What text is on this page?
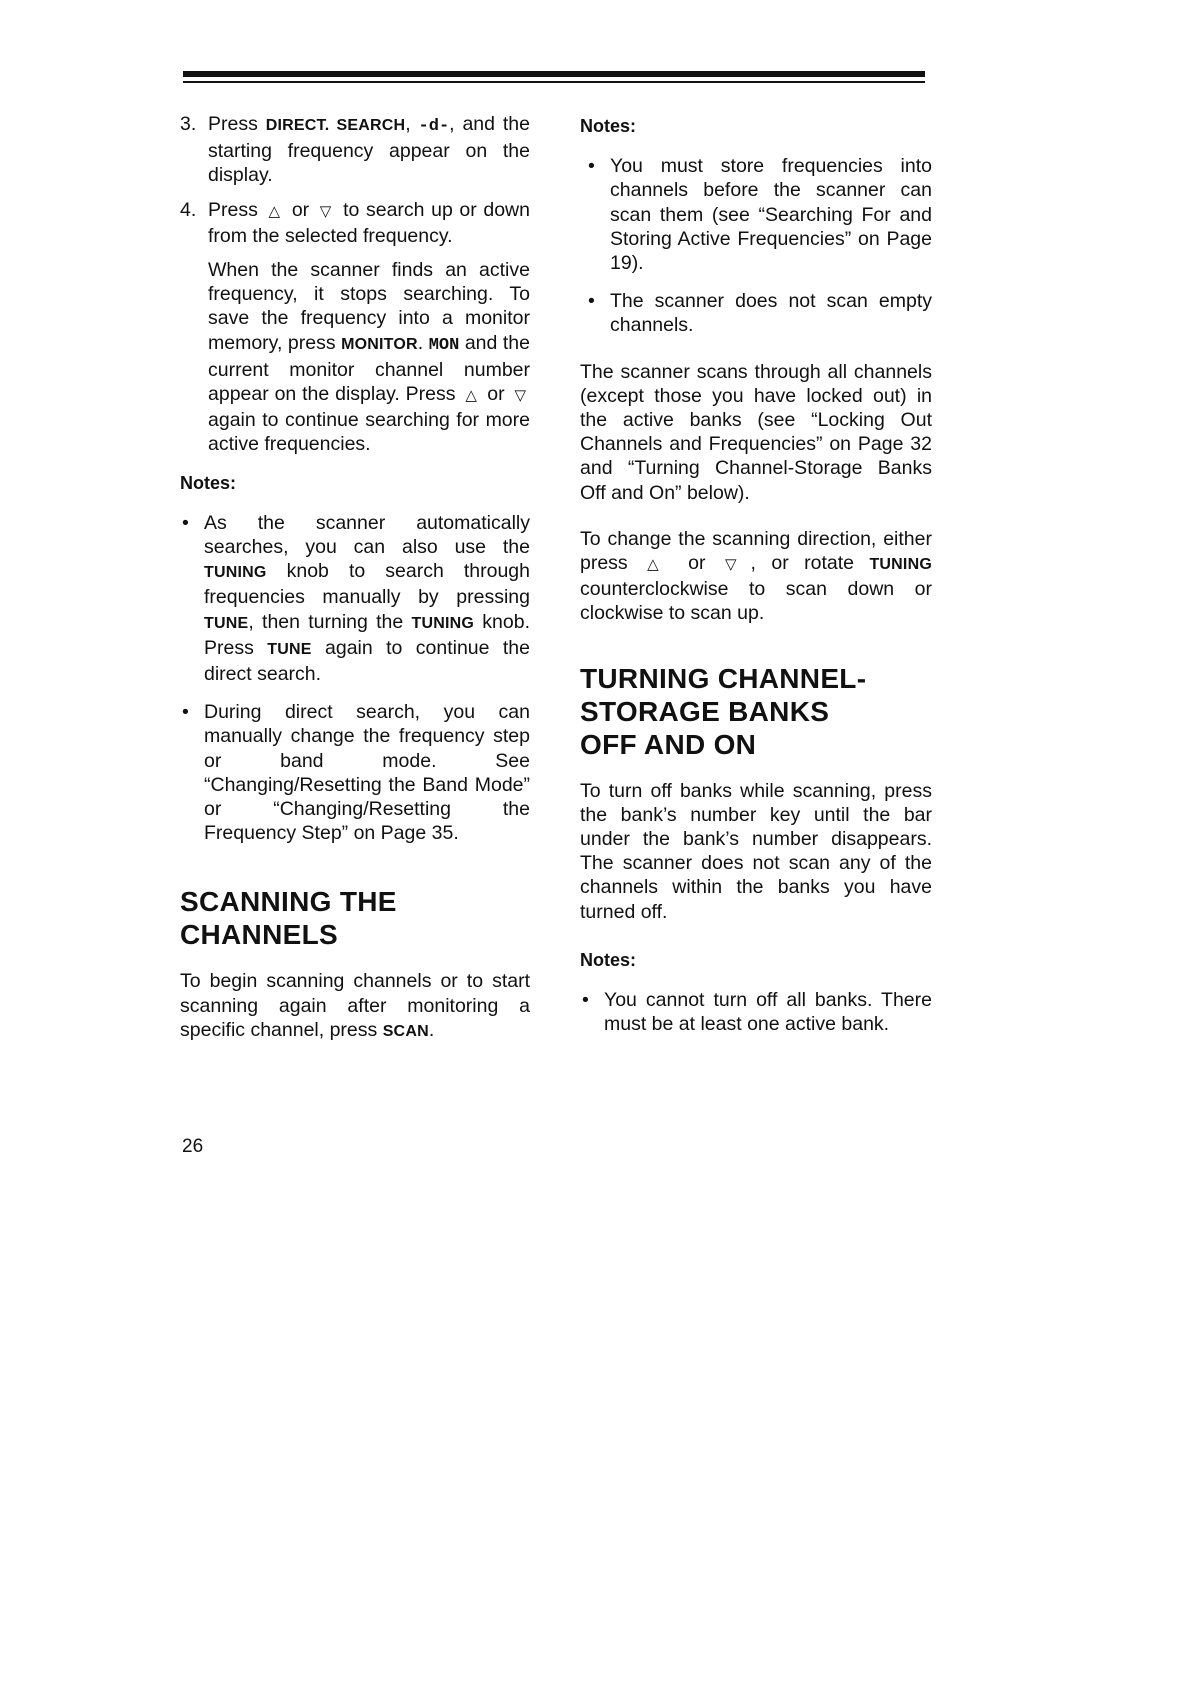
3. Press DIRECT. SEARCH, -d-, and the starting frequency appear on the display.
4. Press △ or ▽ to search up or down from the selected frequency.

When the scanner finds an active frequency, it stops searching. To save the frequency into a monitor memory, press MONITOR. MON and the current monitor channel number appear on the display. Press △ or ▽ again to continue searching for more active frequencies.

Notes:
• As the scanner automatically searches, you can also use the TUNING knob to search through frequencies manually by pressing TUNE, then turning the TUNING knob. Press TUNE again to continue the direct search.
• During direct search, you can manually change the frequency step or band mode. See “Changing/Resetting the Band Mode” or “Changing/Resetting the Frequency Step” on Page 35.
SCANNING THE CHANNELS

To begin scanning channels or to start scanning again after monitoring a specific channel, press SCAN.

Notes:
• You must store frequencies into channels before the scanner can scan them (see “Searching For and Storing Active Frequencies” on Page 19).
• The scanner does not scan empty channels.

The scanner scans through all channels (except those you have locked out) in the active banks (see “Locking Out Channels and Frequencies” on Page 32 and “Turning Channel-Storage Banks Off and On” below).

To change the scanning direction, either press △ or ▽ , or rotate TUNING counterclockwise to scan down or clockwise to scan up.

TURNING CHANNEL-STORAGE BANKS OFF AND ON

To turn off banks while scanning, press the bank’s number key until the bar under the bank’s number disappears. The scanner does not scan any of the channels within the banks you have turned off.

Notes:
• You cannot turn off all banks. There must be at least one active bank.
26
